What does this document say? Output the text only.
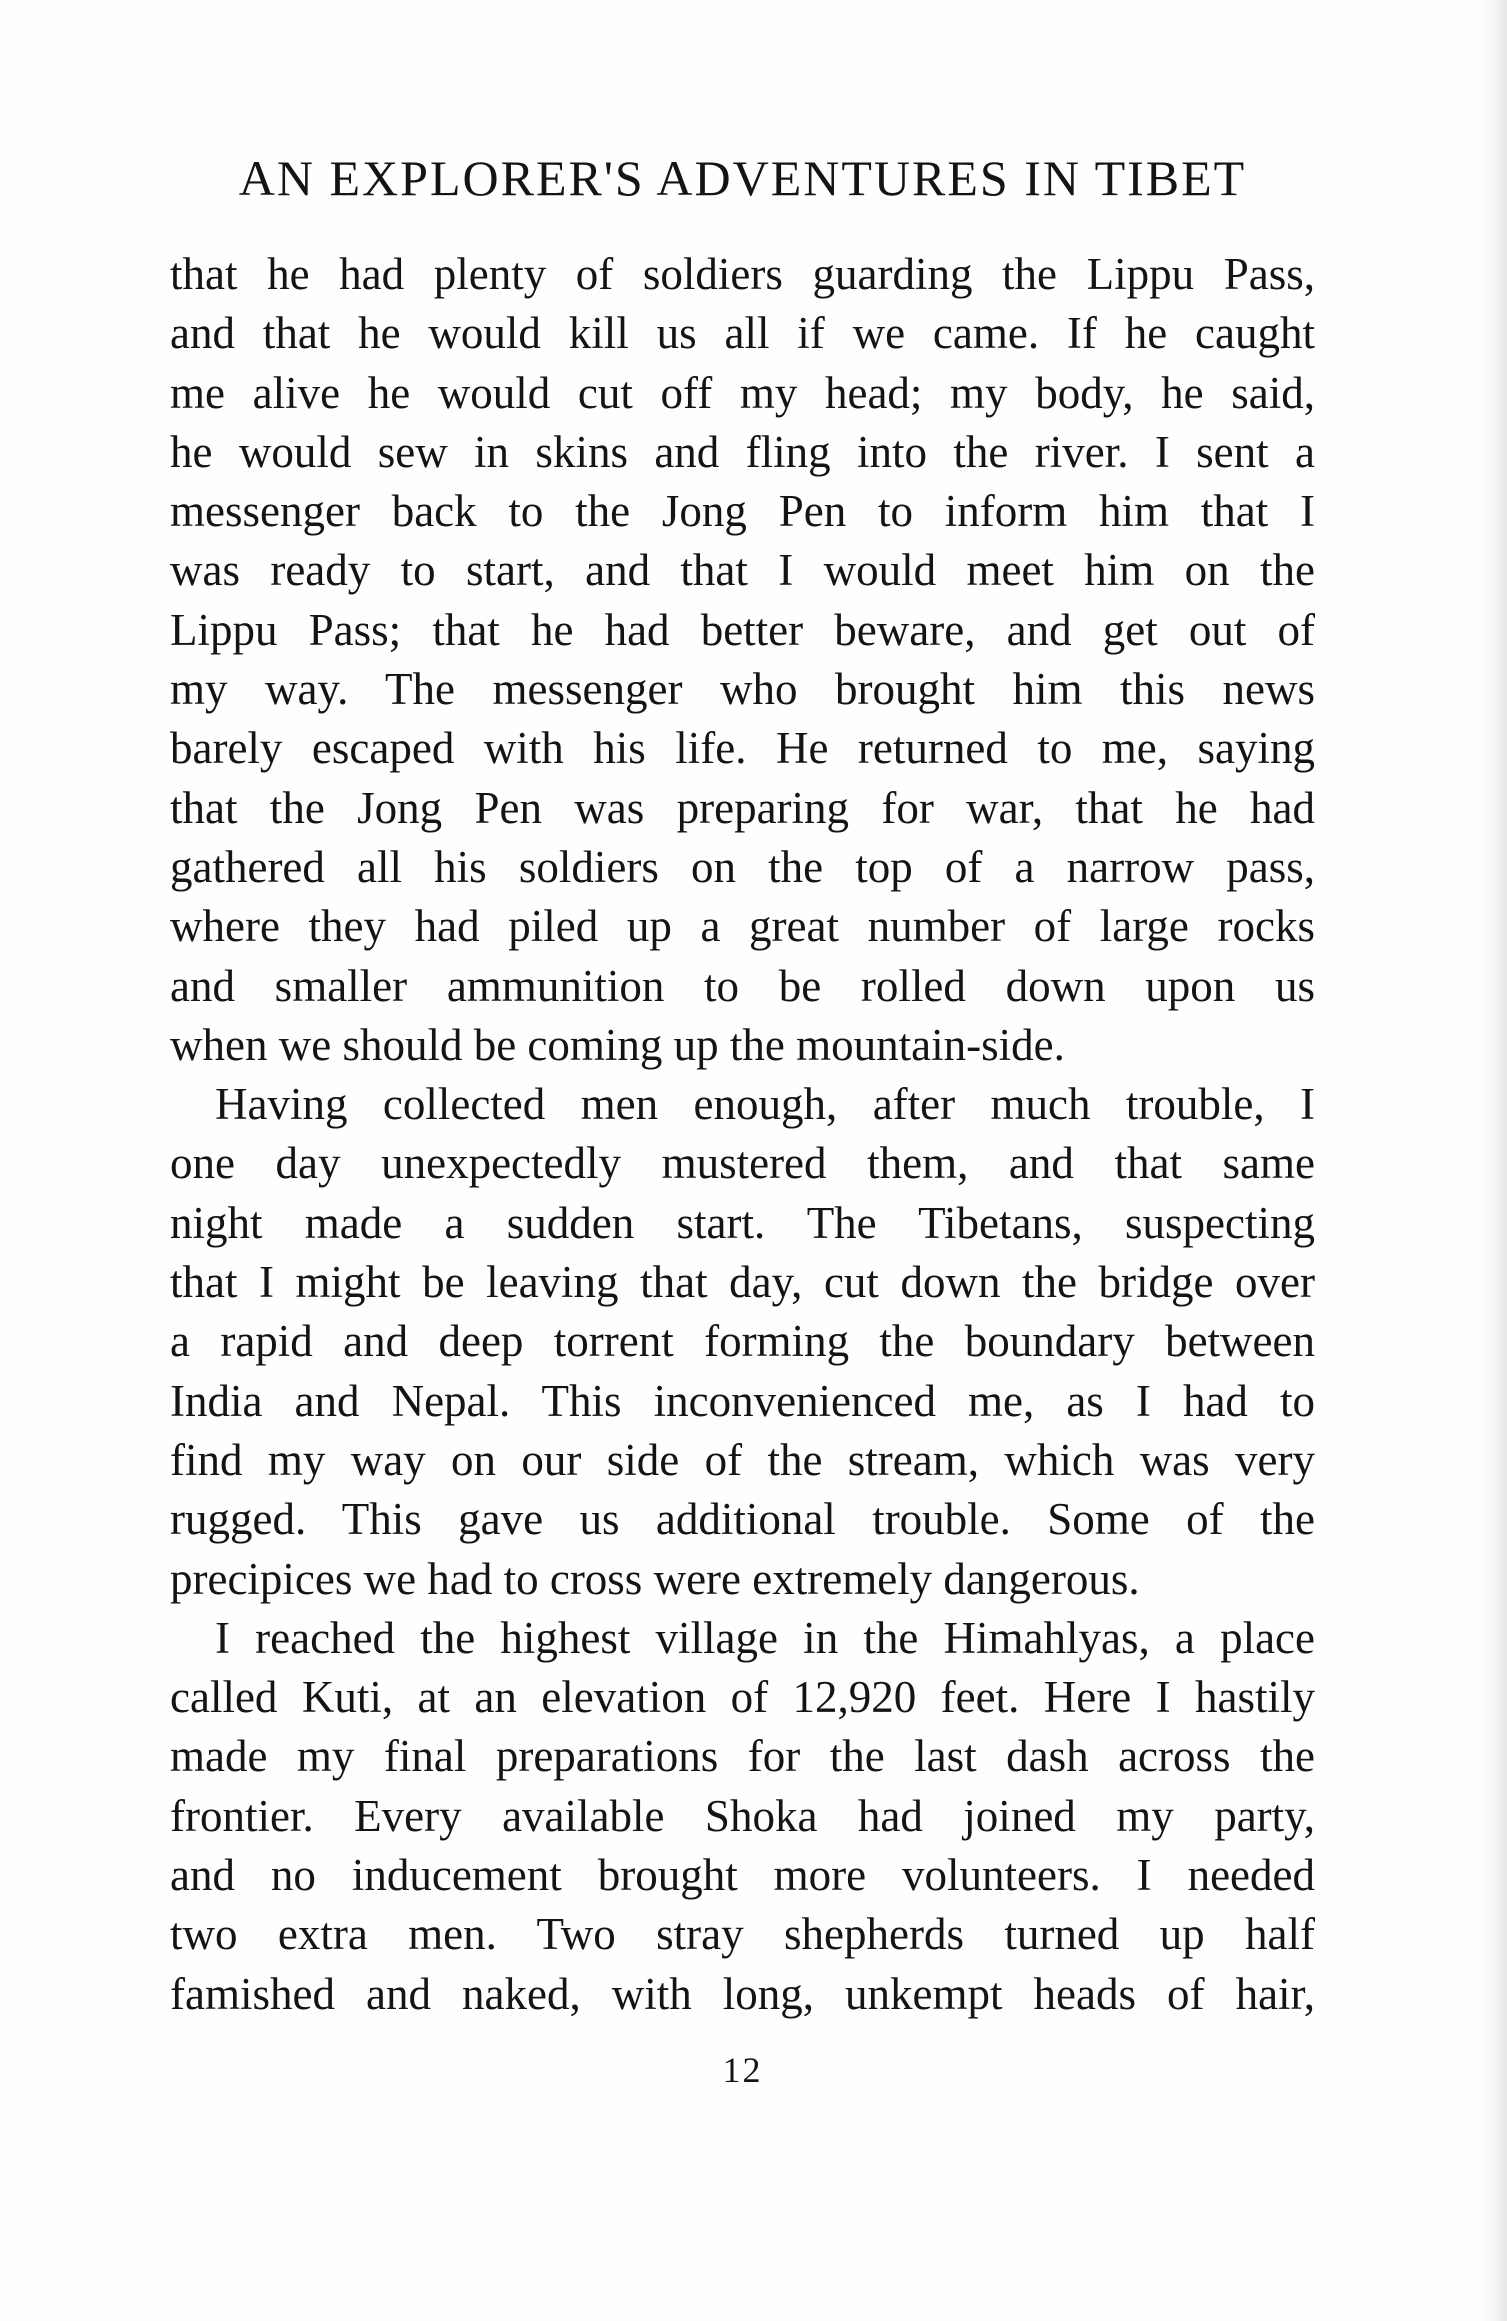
AN EXPLORER'S ADVENTURES IN TIBET
that he had plenty of soldiers guarding the Lippu Pass,
and that he would kill us all if we came. If he caught
me alive he would cut off my head; my body, he said,
he would sew in skins and fling into the river. I sent a
messenger back to the Jong Pen to inform him that I
was ready to start, and that I would meet him on the
Lippu Pass; that he had better beware, and get out of
my way. The messenger who brought him this news
barely escaped with his life. He returned to me, saying
that the Jong Pen was preparing for war, that he had
gathered all his soldiers on the top of a narrow pass,
where they had piled up a great number of large rocks
and smaller ammunition to be rolled down upon us
when we should be coming up the mountain-side.
Having collected men enough, after much trouble, I
one day unexpectedly mustered them, and that same
night made a sudden start. The Tibetans, suspecting
that I might be leaving that day, cut down the bridge over
a rapid and deep torrent forming the boundary between
India and Nepal. This inconvenienced me, as I had to
find my way on our side of the stream, which was very
rugged. This gave us additional trouble. Some of the
precipices we had to cross were extremely dangerous.
I reached the highest village in the Himahlyas, a place
called Kuti, at an elevation of 12,920 feet. Here I hastily
made my final preparations for the last dash across the
frontier. Every available Shoka had joined my party,
and no inducement brought more volunteers. I needed
two extra men. Two stray shepherds turned up half
famished and naked, with long, unkempt heads of hair,
12
